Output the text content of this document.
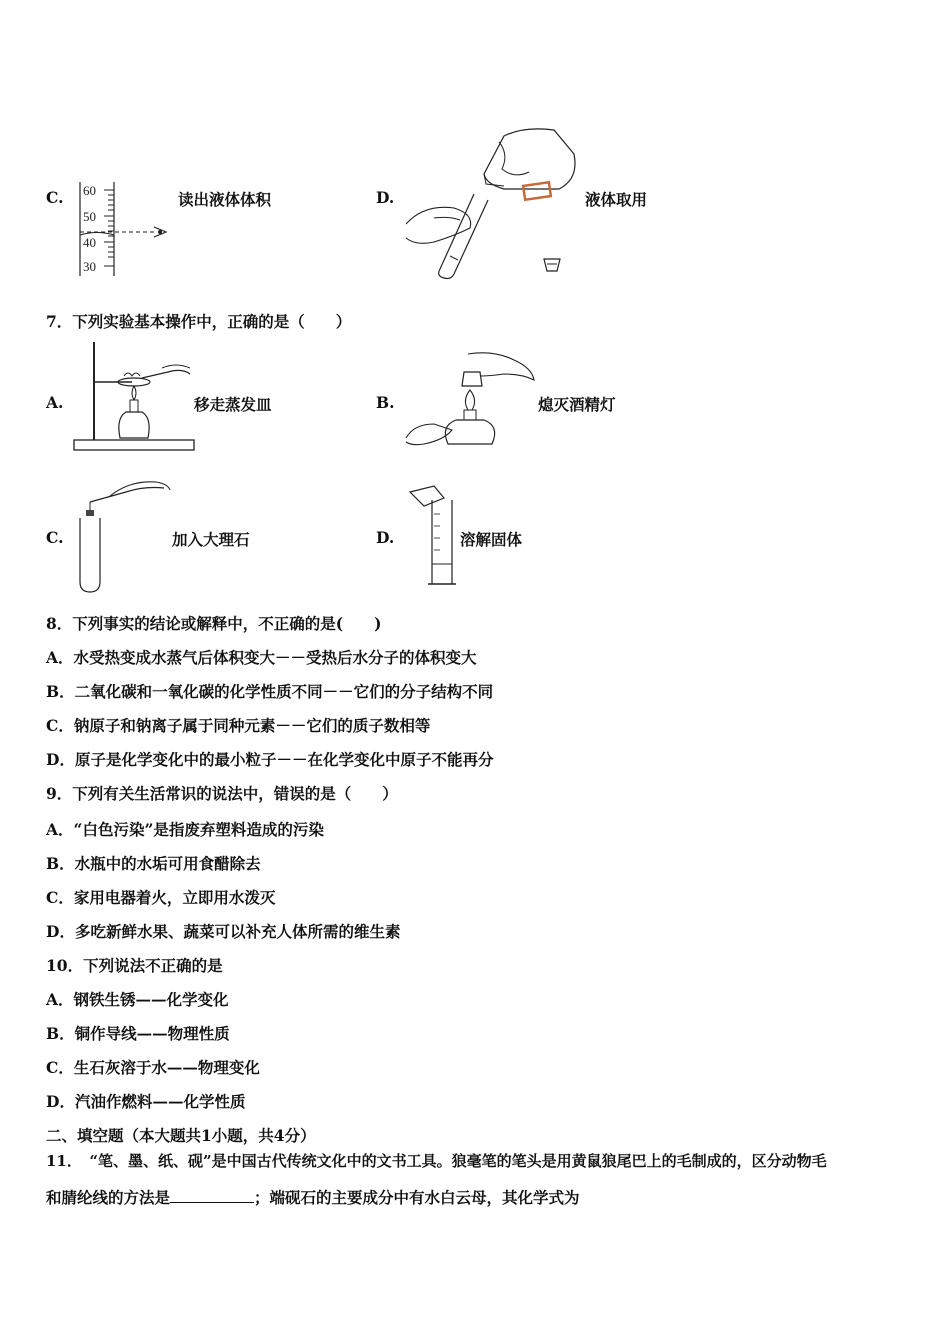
C. 60
50
40
30
读出液体体积	D.	液体取用
7．下列实验基本操作中，正确的是（　　）
A.	移走蒸发皿	B.	熄灭酒精灯
C.	加入大理石	D.	溶解固体
8．下列事实的结论或解释中，不正确的是(　　)
A．水受热变成水蒸气后体积变大－－受热后水分子的体积变大
B．二氧化碳和一氧化碳的化学性质不同－－它们的分子结构不同
C．钠原子和钠离子属于同种元素－－它们的质子数相等
D．原子是化学变化中的最小粒子－－在化学变化中原子不能再分
9．下列有关生活常识的说法中，错误的是（　　）
A．“白色污染”是指废弃塑料造成的污染
B．水瓶中的水垢可用食醋除去
C．家用电器着火，立即用水泼灭
D．多吃新鲜水果、蔬菜可以补充人体所需的维生素
10．下列说法不正确的是
A．钢铁生锈——化学变化
B．铜作导线——物理性质
C．生石灰溶于水——物理变化
D．汽油作燃料——化学性质
二、填空题（本大题共1小题，共4分）
11．　“笔、墨、纸、砚”是中国古代传统文化中的文书工具。狼毫笔的笔头是用黄鼠狼尾巴上的毛制成的，区分动物毛
和腈纶线的方法是	；端砚石的主要成分中有水白云母，其化学式为
